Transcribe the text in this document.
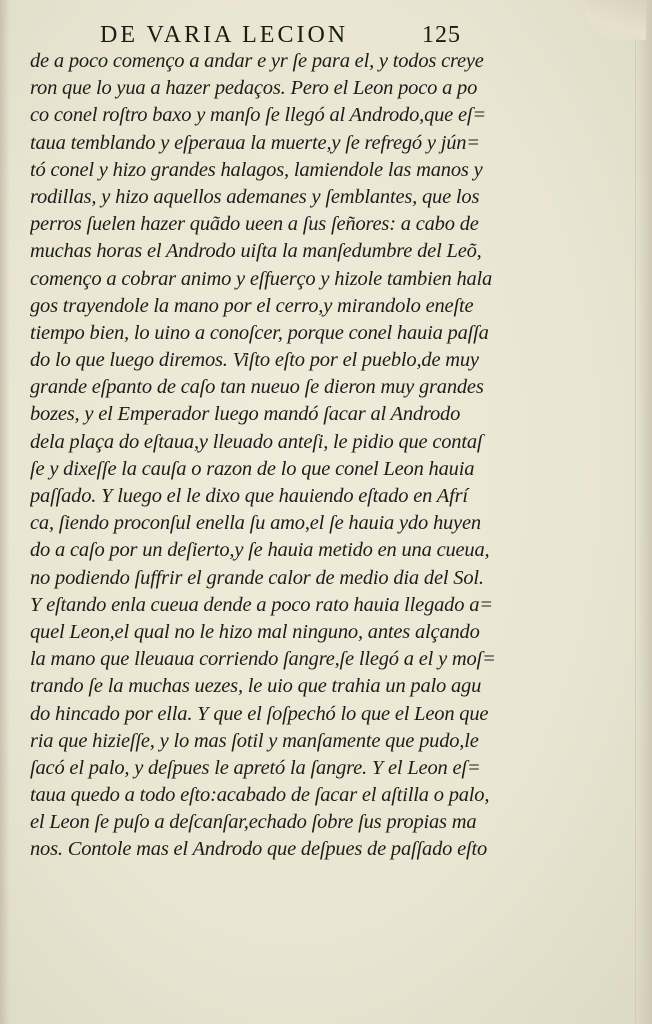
DE VARIA LECION	125
de a poco començo a andar e yr ſe para el, y todos creye
ron que lo yua a hazer pedaços. Pero el Leon poco a po
co conel roſtro baxo y manſo ſe llegó al Androdo,que eſ=
taua temblando y eſperaua la muerte,y ſe refregó y jún=
tó conel y hizo grandes halagos, lamiendole las manos y
rodillas, y hizo aquellos ademanes y ſemblantes, que los
perros ſuelen hazer quãdo ueen a ſus ſeñores: a cabo de
muchas horas el Androdo uiſta la manſedumbre del Leõ,
començo a cobrar animo y eſfuerço y hizole tambien hala
gos trayendole la mano por el cerro,y mirandolo eneſte
tiempo bien, lo uino a conoſcer, porque conel hauia paſſa
do lo que luego diremos. Viſto eſto por el pueblo,de muy
grande eſpanto de caſo tan nueuo ſe dieron muy grandes
bozes, y el Emperador luego mandó ſacar al Androdo
dela plaça do eſtaua,y lleuado anteſi, le pidio que contaſ
ſe y dixeſſe la cauſa o razon de lo que conel Leon hauia
paſſado. Y luego el le dixo que hauiendo eſtado en Afrí
ca, ſiendo proconſul enella ſu amo,el ſe hauia ydo huyen
do a caſo por un deſierto,y ſe hauia metido en una cueua,
no podiendo ſuffrir el grande calor de medio dia del Sol.
Y eſtando enla cueua dende a poco rato hauia llegado a=
quel Leon,el qual no le hizo mal ninguno, antes alçando
la mano que lleuaua corriendo ſangre,ſe llegó a el y moſ=
trando ſe la muchas uezes, le uio que trahia un palo agu
do hincado por ella. Y que el ſoſpechó lo que el Leon que
ria que hizieſſe, y lo mas ſotil y manſamente que pudo,le
ſacó el palo, y deſpues le apretó la ſangre. Y el Leon eſ=
taua quedo a todo eſto:acabado de ſacar el aſtilla o palo,
el Leon ſe puſo a deſcanſar,echado ſobre ſus propias ma
nos. Contole mas el Androdo que deſpues de paſſado eſto
